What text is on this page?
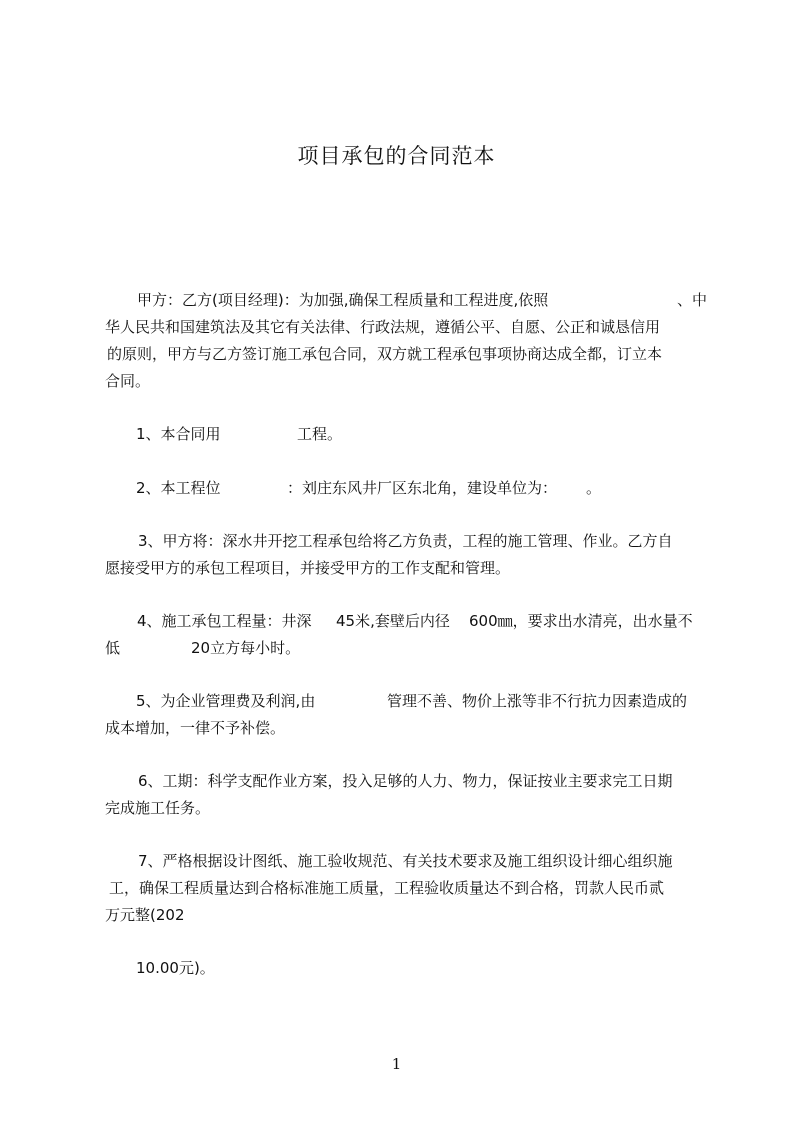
项目承包的合同范本
甲方：乙方(项目经理)：为加强,确保工程质量和工程进度,依照	、中
华人民共和国建筑法及其它有关法律、行政法规，遵循公平、自愿、公正和诚恳信用
的原则，甲方与乙方签订施工承包合同，双方就工程承包事项协商达成全都，订立本
合同。
1、本合同用	工程。
2、本工程位	：刘庄东风井厂区东北角，建设单位为： 。
3、甲方将：深水井开挖工程承包给将乙方负责，工程的施工管理、作业。乙方自
愿接受甲方的承包工程项目，并接受甲方的工作支配和管理。
4、施工承包工程量：井深 45米,套壁后内径 600㎜，要求出水清亮，出水量不
低	20立方每小时。
5、为企业管理费及利润,由	管理不善、物价上涨等非不行抗力因素造成的
成本增加，一律不予补偿。
6、工期：科学支配作业方案，投入足够的人力、物力，保证按业主要求完工日期
完成施工任务。
7、严格根据设计图纸、施工验收规范、有关技术要求及施工组织设计细心组织施
工，确保工程质量达到合格标准施工质量，工程验收质量达不到合格，罚款人民币贰
万元整(202
10.00元)。
1
